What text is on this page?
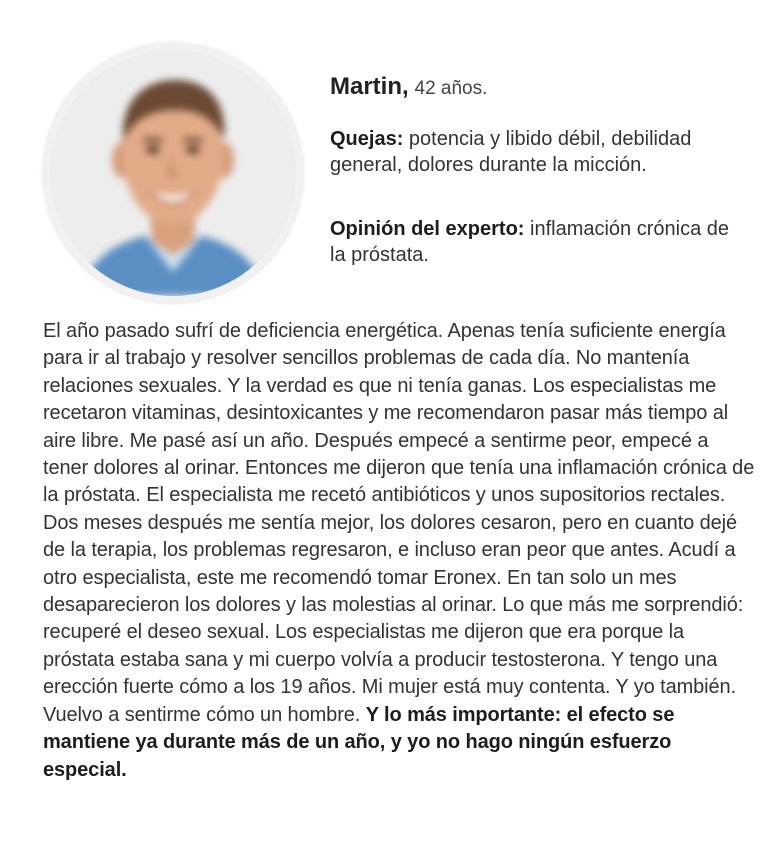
Martin, 42 años.

Quejas: potencia y libido débil, debilidad general, dolores durante la micción.

Opinión del experto: inflamación crónica de la próstata.

El año pasado sufrí de deficiencia energética. Apenas tenía suficiente energía para ir al trabajo y resolver sencillos problemas de cada día. No mantenía relaciones sexuales. Y la verdad es que ni tenía ganas. Los especialistas me recetaron vitaminas, desintoxicantes y me recomendaron pasar más tiempo al aire libre. Me pasé así un año. Después empecé a sentirme peor, empecé a tener dolores al orinar. Entonces me dijeron que tenía una inflamación crónica de la próstata. El especialista me recetó antibióticos y unos supositorios rectales. Dos meses después me sentía mejor, los dolores cesaron, pero en cuanto dejé de la terapia, los problemas regresaron, e incluso eran peor que antes. Acudí a otro especialista, este me recomendó tomar Eronex. En tan solo un mes desaparecieron los dolores y las molestias al orinar. Lo que más me sorprendió: recuperé el deseo sexual. Los especialistas me dijeron que era porque la próstata estaba sana y mi cuerpo volvía a producir testosterona. Y tengo una erección fuerte cómo a los 19 años. Mi mujer está muy contenta. Y yo también. Vuelvo a sentirme cómo un hombre. Y lo más importante: el efecto se mantiene ya durante más de un año, y yo no hago ningún esfuerzo especial.
